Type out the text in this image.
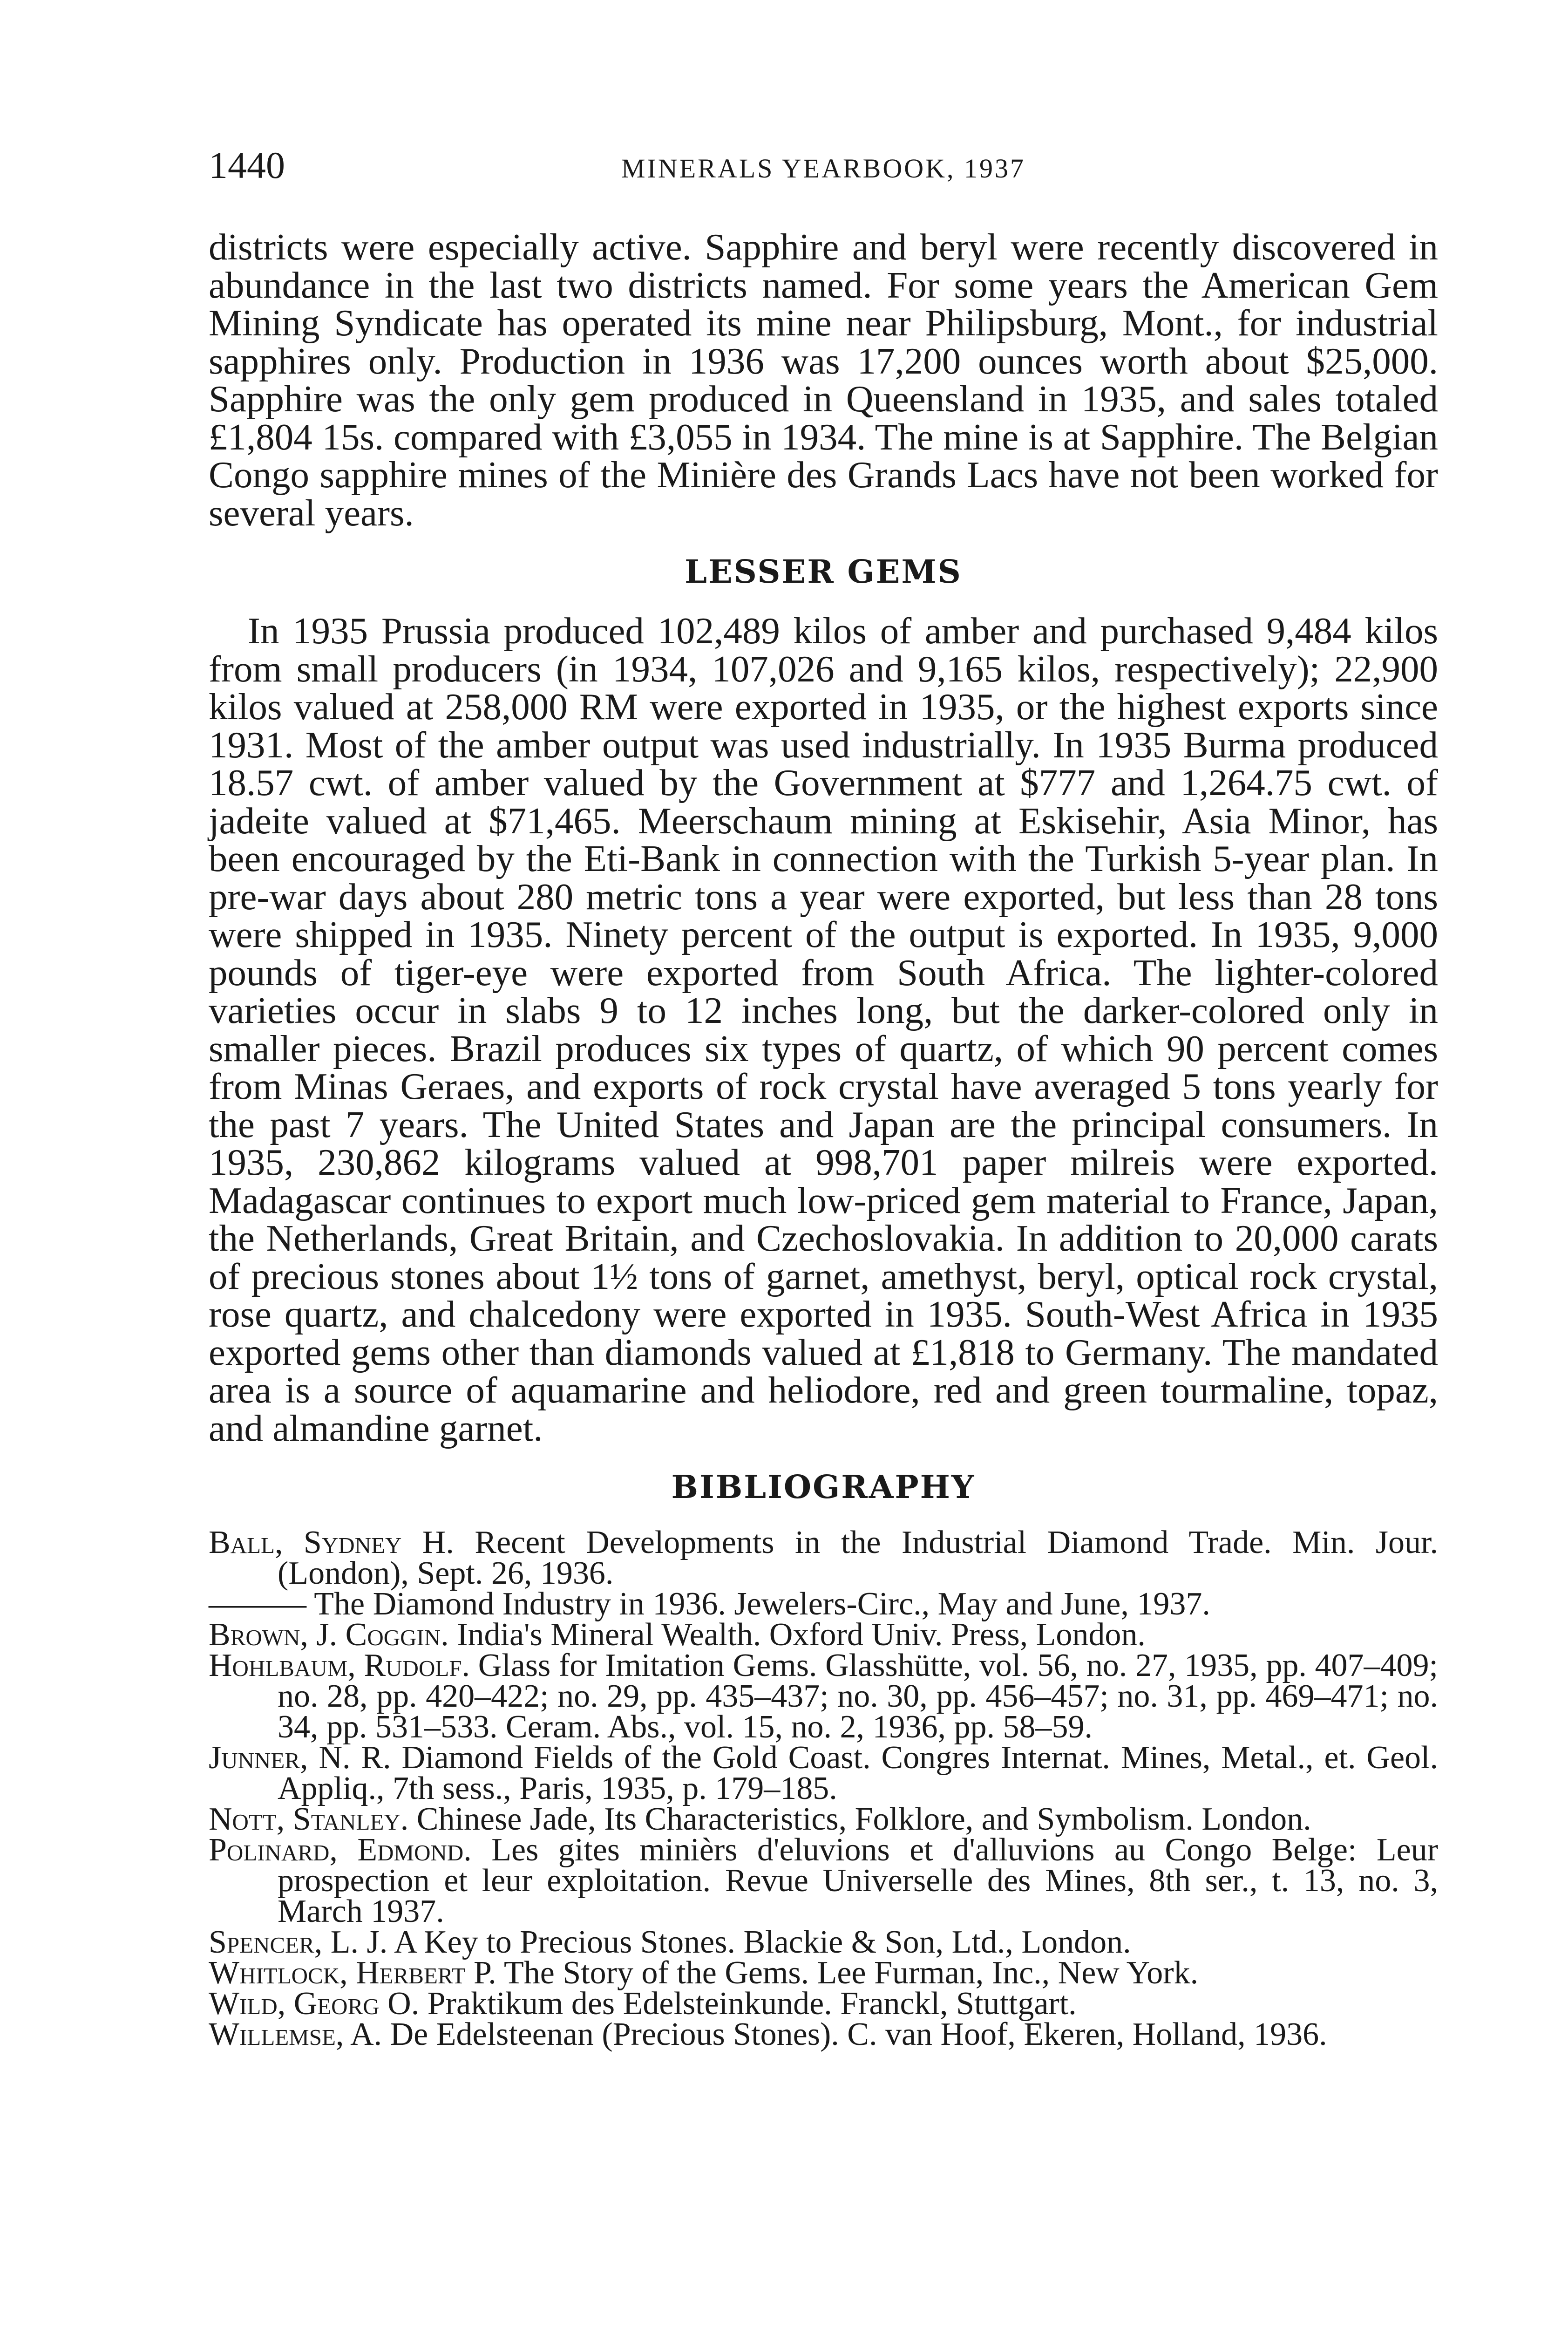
1440	MINERALS YEARBOOK, 1937

districts were especially active. Sapphire and beryl were recently discovered in abundance in the last two districts named. For some years the American Gem Mining Syndicate has operated its mine near Philipsburg, Mont., for industrial sapphires only. Production in 1936 was 17,200 ounces worth about $25,000. Sapphire was the only gem produced in Queensland in 1935, and sales totaled £1,804 15s. compared with £3,055 in 1934. The mine is at Sapphire. The Belgian Congo sapphire mines of the Minière des Grands Lacs have not been worked for several years.

LESSER GEMS

In 1935 Prussia produced 102,489 kilos of amber and purchased 9,484 kilos from small producers (in 1934, 107,026 and 9,165 kilos, respectively); 22,900 kilos valued at 258,000 RM were exported in 1935, or the highest exports since 1931. Most of the amber output was used industrially. In 1935 Burma produced 18.57 cwt. of amber valued by the Government at $777 and 1,264.75 cwt. of jadeite valued at $71,465. Meerschaum mining at Eskisehir, Asia Minor, has been encouraged by the Eti-Bank in connection with the Turkish 5-year plan. In pre-war days about 280 metric tons a year were exported, but less than 28 tons were shipped in 1935. Ninety percent of the output is exported. In 1935, 9,000 pounds of tiger-eye were exported from South Africa. The lighter-colored varieties occur in slabs 9 to 12 inches long, but the darker-colored only in smaller pieces. Brazil produces six types of quartz, of which 90 percent comes from Minas Geraes, and exports of rock crystal have averaged 5 tons yearly for the past 7 years. The United States and Japan are the principal consumers. In 1935, 230,862 kilograms valued at 998,701 paper milreis were exported. Madagascar continues to export much low-priced gem material to France, Japan, the Netherlands, Great Britain, and Czechoslovakia. In addition to 20,000 carats of precious stones about 1½ tons of garnet, amethyst, beryl, optical rock crystal, rose quartz, and chalcedony were exported in 1935. South-West Africa in 1935 exported gems other than diamonds valued at £1,818 to Germany. The mandated area is a source of aquamarine and heliodore, red and green tourmaline, topaz, and almandine garnet.

BIBLIOGRAPHY
Ball, Sydney H. Recent Developments in the Industrial Diamond Trade. Min. Jour. (London), Sept. 26, 1936.
——— The Diamond Industry in 1936. Jewelers-Circ., May and June, 1937.
Brown, J. Coggin. India's Mineral Wealth. Oxford Univ. Press, London.
Hohlbaum, Rudolf. Glass for Imitation Gems. Glasshütte, vol. 56, no. 27, 1935, pp. 407–409; no. 28, pp. 420–422; no. 29, pp. 435–437; no. 30, pp. 456–457; no. 31, pp. 469–471; no. 34, pp. 531–533. Ceram. Abs., vol. 15, no. 2, 1936, pp. 58–59.
Junner, N. R. Diamond Fields of the Gold Coast. Congres Internat. Mines, Metal., et. Geol. Appliq., 7th sess., Paris, 1935, p. 179–185.
Nott, Stanley. Chinese Jade, Its Characteristics, Folklore, and Symbolism. London.
Polinard, Edmond. Les gites minièrs d'eluvions et d'alluvions au Congo Belge: Leur prospection et leur exploitation. Revue Universelle des Mines, 8th ser., t. 13, no. 3, March 1937.
Spencer, L. J. A Key to Precious Stones. Blackie & Son, Ltd., London.
Whitlock, Herbert P. The Story of the Gems. Lee Furman, Inc., New York.
Wild, Georg O. Praktikum des Edelsteinkunde. Franckl, Stuttgart.
Willemse, A. De Edelsteenan (Precious Stones). C. van Hoof, Ekeren, Holland, 1936.
